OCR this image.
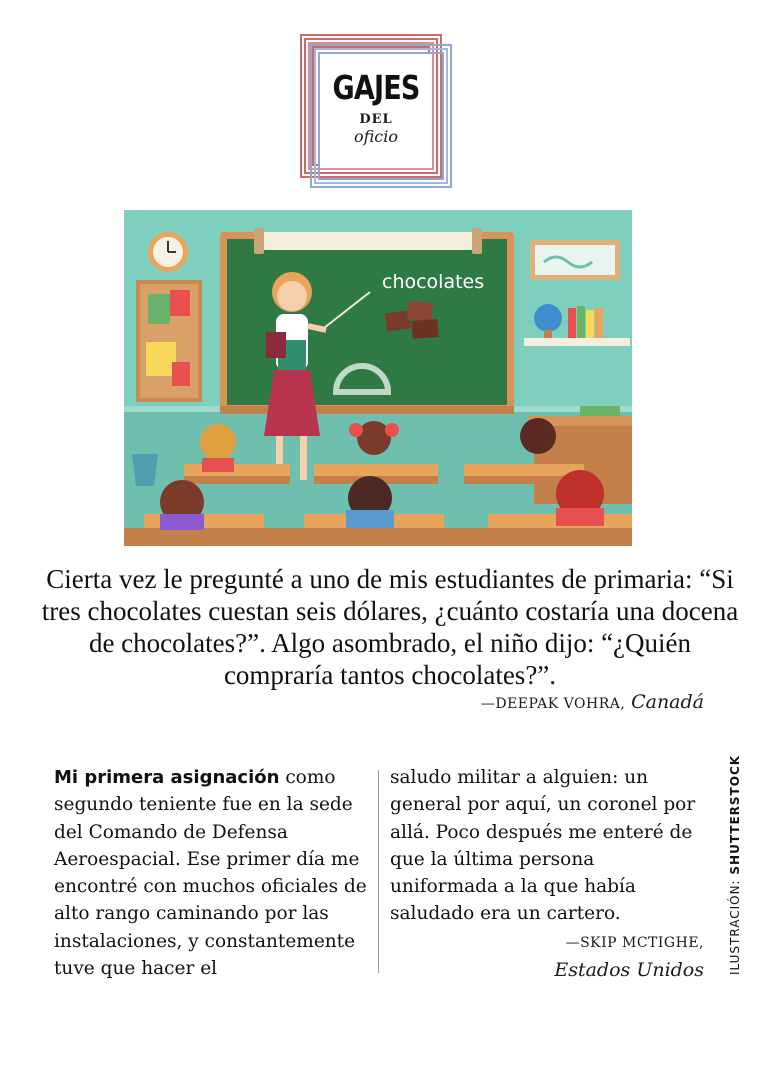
GAJES
DEL
oficio
chocolates
Cierta vez le pregunté a uno de mis estudiantes de primaria: “Si tres chocolates cuestan seis dólares, ¿cuánto costaría una docena de chocolates?”. Algo asombrado, el niño dijo: “¿Quién compraría tantos chocolates?”.
—DEEPAK VOHRA, Canadá
Mi primera asignación como segundo teniente fue en la sede del Comando de Defensa Aeroespacial. Ese primer día me encontré con muchos oficiales de alto rango caminando por las instalaciones, y constantemente tuve que hacer el
saludo militar a alguien: un general por aquí, un coronel por allá. Poco después me enteré de que la última persona uniformada a la que había saludado era un cartero.
—SKIP MCTIGHE,
Estados Unidos ILUSTRACIÓN: SHUTTERSTOCK
